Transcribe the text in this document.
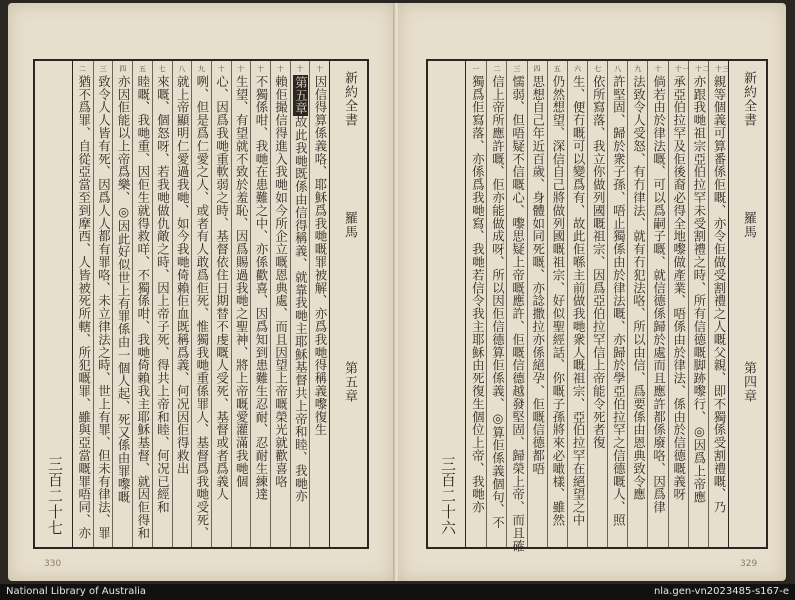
三百二十七
十
因信得算係義咯、耶穌爲我哋嘅罪被解、亦爲我哋得稱義嚟復生
十
第五章故此我哋既係由信得稱義、就靠我哋主耶穌基督共上帝和睦、我哋亦
十
賴佢撮信得進入我哋如今所企立嘅恩典處、而且因望上帝嘅榮光就歡喜咯
十
不獨係咁、我哋在患難之中、亦係歡喜、因爲知到患難生忍耐、忍耐生練達
十
生望、有望就不致於羞恥、因爲賜過我哋之聖神、將上帝嘅愛灌滿我哋個
十
心、因爲我哋重軟弱之時、基督依住日期替不虔嘅人受死、基督或者爲義人
九
咧、但是爲仁愛之人、或者有人敢爲佢死、惟獨我哋重係罪人、基督爲我哋受死、
八
就上帝顯明仁愛過我哋、如今我哋倚賴佢血既稱爲義、何况因佢得救出
七
來嘅、個怒呀、若我哋做仇敵之時、因上帝子死、得共上帝和睦、何况已經和
五
睦嘅、我哋重、因佢生就得救咩、不獨係咁、我哋倚賴我主耶穌基督、就因佢得和
四
亦因佢能以上帝爲樂、◎因此好似世上有罪係由一個人起、死又係由罪嚟嘅
三
致令人人皆有死、因爲人人都有罪咯、未立律法之時、世上有罪、但未有律法、罪
二
猶不爲罪、自從亞當至到摩西、人皆被死所轄、所犯嘅罪、雖與亞當嘅罪唔同、亦	新約全書
羅馬
第五章
330
三百二十六
十三
親等個義可算番係佢嘅、亦令佢做受割禮之人嘅父親、即不獨係受割禮嘅、乃
十二
亦跟我哋祖宗亞伯拉罕未受割禮之時、所有信德嘅脚跡嚟行、◎因爲上帝應
十一
承亞伯拉罕及佢後裔必得全地嚟做產業、唔係由於律法、係由於信德嘅義呀
十
倘若由於律法嘅、可以爲嗣子嘅、就信德係歸於處而且應許都係廢咯、因爲律
九
法致令人受怒、有冇律法、就有冇犯法咯、所以由信、爲要係由恩典致令應
八
許堅固、歸於衆子孫、唔止獨係由於律法嘅、亦歸於學亞伯拉罕之信德嘅人、照
七
依所寫落、我立你做列國嘅祖宗、因爲亞伯拉罕信上帝能令死者復
六
生、便冇嘅可以變爲有、故此佢喺主前做我哋衆人嘅祖宗、亞伯拉罕在絕望之中
五
仍然想望、深信自己將做列國嘅祖宗、好似聖經話、你嘅子孫將來必噉樣、雖然
四
思想自己年近百歲、身體如同死嘅、亦諗撒拉亦係絕孕、佢嘅信德都唔
三
懦弱、但唔疑不信嘅心、嚟思疑上帝嘅應許、佢嘅信德越發堅固、歸榮上帝、而且確
二
信上帝所應許嘅、佢亦能做成呀、所以因佢信德算佢係義、◎算佢係義個句、不
一
獨爲佢寫落、亦係爲我哋寫、我哋若信令我主耶穌由死復生個位上帝、我哋亦	新約全書
羅馬
第四章
329
National Library of Australia	nla.gen-vn2023485-s167-e
